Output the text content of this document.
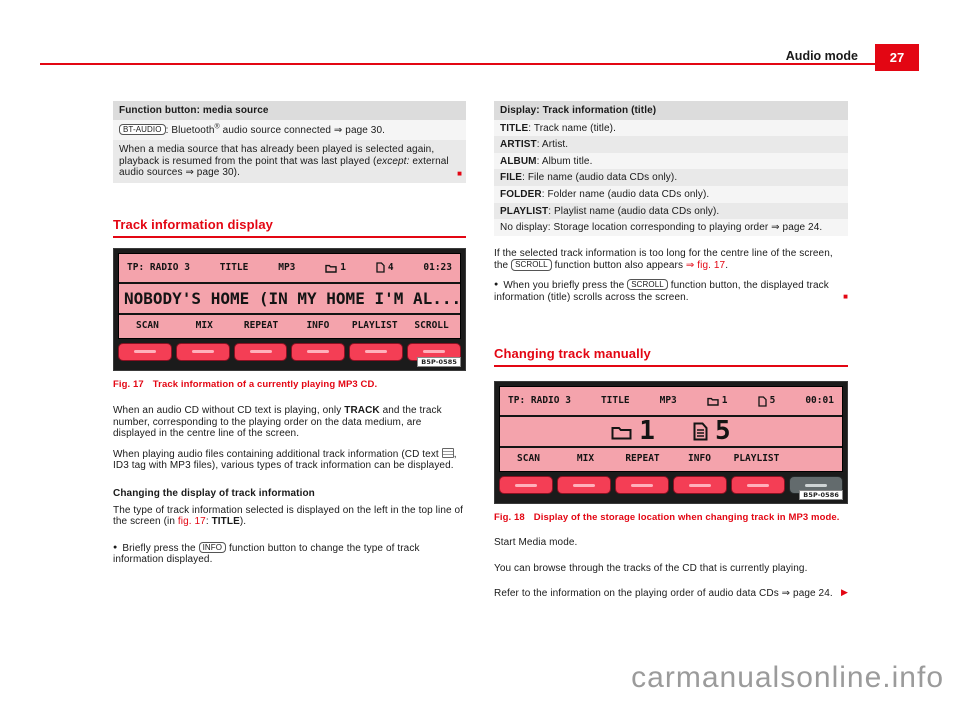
Audio mode	27
Function button: media source
BT-AUDIO : Bluetooth® audio source connected ⇒ page 30.
When a media source that has already been played is selected again, playback is resumed from the point that was last played (except: external audio sources ⇒ page 30).	■
Track information display
TP: RADIO 3	TITLE	MP3	1	4	01:23
NOBODY'S HOME (IN MY HOME I'M AL...
SCAN	MIX	REPEAT	INFO	PLAYLIST	SCROLL
B5P-0585

Fig. 17 Track information of a currently playing MP3 CD.

When an audio CD without CD text is playing, only TRACK and the track number, corresponding to the playing order on the data medium, are displayed in the centre line of the screen.

When playing audio files containing additional track information (CD text , ID3 tag with MP3 files), various types of track information can be displayed.

Changing the display of track information

The type of track information selected is displayed on the left in the top line of the screen (in fig. 17: TITLE).

● Briefly press the INFO function button to change the type of track information displayed.

Display: Track information (title)
TITLE: Track name (title).
ARTIST: Artist.
ALBUM: Album title.
FILE: File name (audio data CDs only).
FOLDER: Folder name (audio data CDs only).
PLAYLIST: Playlist name (audio data CDs only).
No display: Storage location corresponding to playing order ⇒ page 24.

If the selected track information is too long for the centre line of the screen, the SCROLL function button also appears ⇒ fig. 17.

● When you briefly press the SCROLL function button, the displayed track information (title) scrolls across the screen.	■

Changing track manually
TP: RADIO 3	TITLE	MP3	1	5	00:01
1 5
SCAN	MIX	REPEAT	INFO	PLAYLIST
B5P-0586

Fig. 18 Display of the storage location when changing track in MP3 mode.

Start Media mode.

You can browse through the tracks of the CD that is currently playing.

Refer to the information on the playing order of audio data CDs ⇒ page 24. ▶

carmanualsonline.info
